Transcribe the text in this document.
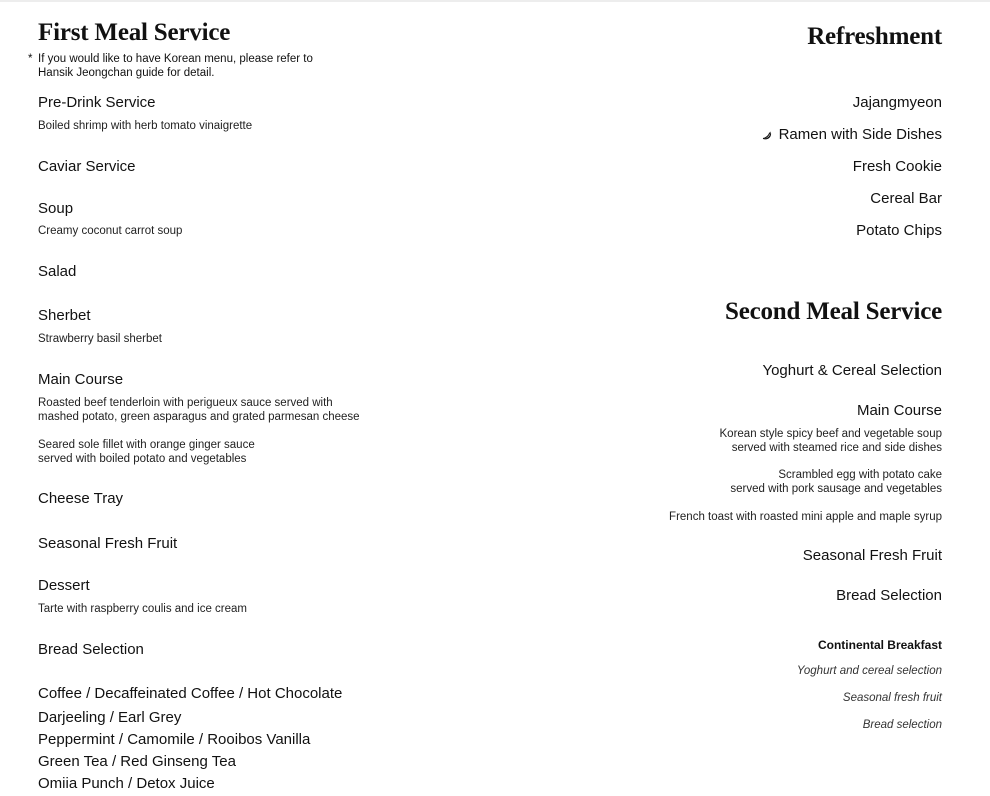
First Meal Service
* If you would like to have Korean menu, please refer to
Hansik Jeongchan guide for detail.
Pre-Drink Service
Boiled shrimp with herb tomato vinaigrette
Caviar Service
Soup
Creamy coconut carrot soup
Salad
Sherbet
Strawberry basil sherbet
Main Course
Roasted beef tenderloin with perigueux sauce served with
mashed potato, green asparagus and grated parmesan cheese
Seared sole fillet with orange ginger sauce
served with boiled potato and vegetables
Cheese Tray
Seasonal Fresh Fruit
Dessert
Tarte with raspberry coulis and ice cream
Bread Selection
Coffee / Decaffeinated Coffee / Hot Chocolate
Darjeeling / Earl Grey
Peppermint / Camomile / Rooibos Vanilla
Green Tea / Red Ginseng Tea
Omiia Punch / Detox Juice
Refreshment
Jajangmyeon
Ramen with Side Dishes
Fresh Cookie
Cereal Bar
Potato Chips
Second Meal Service
Yoghurt & Cereal Selection
Main Course
Korean style spicy beef and vegetable soup
served with steamed rice and side dishes
Scrambled egg with potato cake
served with pork sausage and vegetables
French toast with roasted mini apple and maple syrup
Seasonal Fresh Fruit
Bread Selection
Continental Breakfast
Yoghurt and cereal selection
Seasonal fresh fruit
Bread selection
